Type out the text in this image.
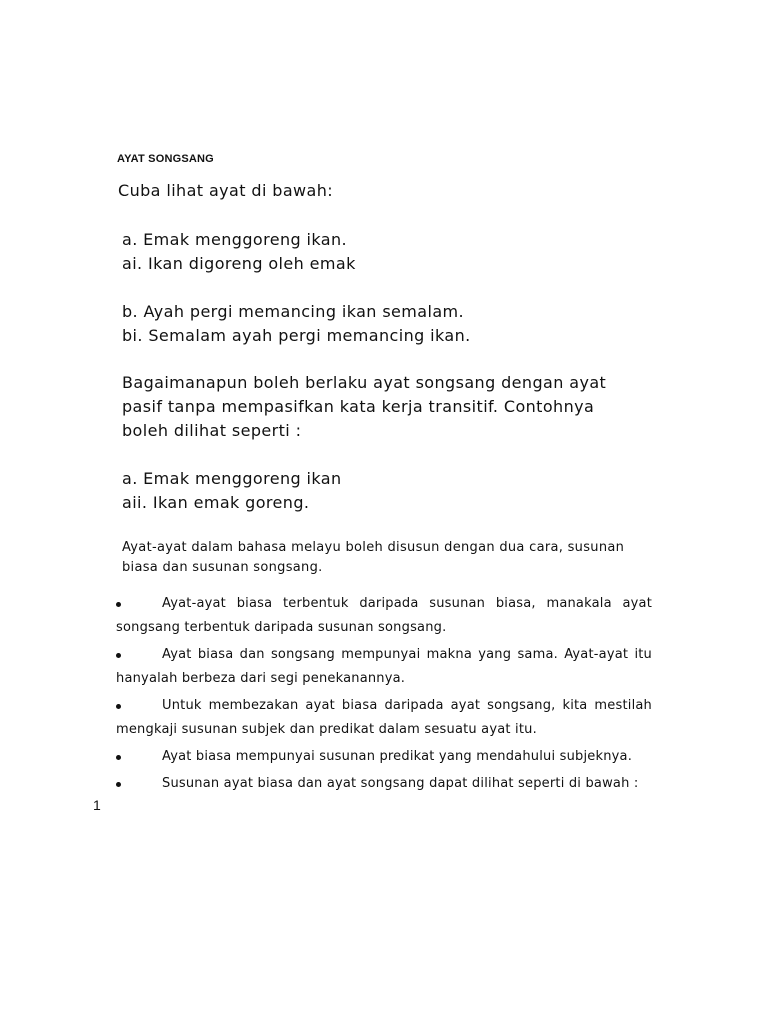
AYAT SONGSANG
Cuba lihat ayat di bawah:
a. Emak menggoreng ikan.
ai. Ikan digoreng oleh emak
b. Ayah pergi memancing ikan semalam.
bi. Semalam ayah pergi memancing ikan.
Bagaimanapun boleh berlaku ayat songsang dengan ayat
pasif tanpa mempasifkan kata kerja transitif. Contohnya
boleh dilihat seperti :
a. Emak menggoreng ikan
aii. Ikan emak goreng.
Ayat-ayat dalam bahasa melayu boleh disusun dengan dua cara, susunan
biasa dan susunan songsang.
Ayat-ayat biasa terbentuk daripada susunan biasa, manakala ayat songsang terbentuk daripada susunan songsang.
Ayat biasa dan songsang mempunyai makna yang sama. Ayat-ayat itu hanyalah berbeza dari segi penekanannya.
Untuk membezakan ayat biasa daripada ayat songsang, kita mestilah mengkaji susunan subjek dan predikat dalam sesuatu ayat itu.
Ayat biasa mempunyai susunan predikat yang mendahului subjeknya.
Susunan ayat biasa dan ayat songsang dapat dilihat seperti di bawah :
1
